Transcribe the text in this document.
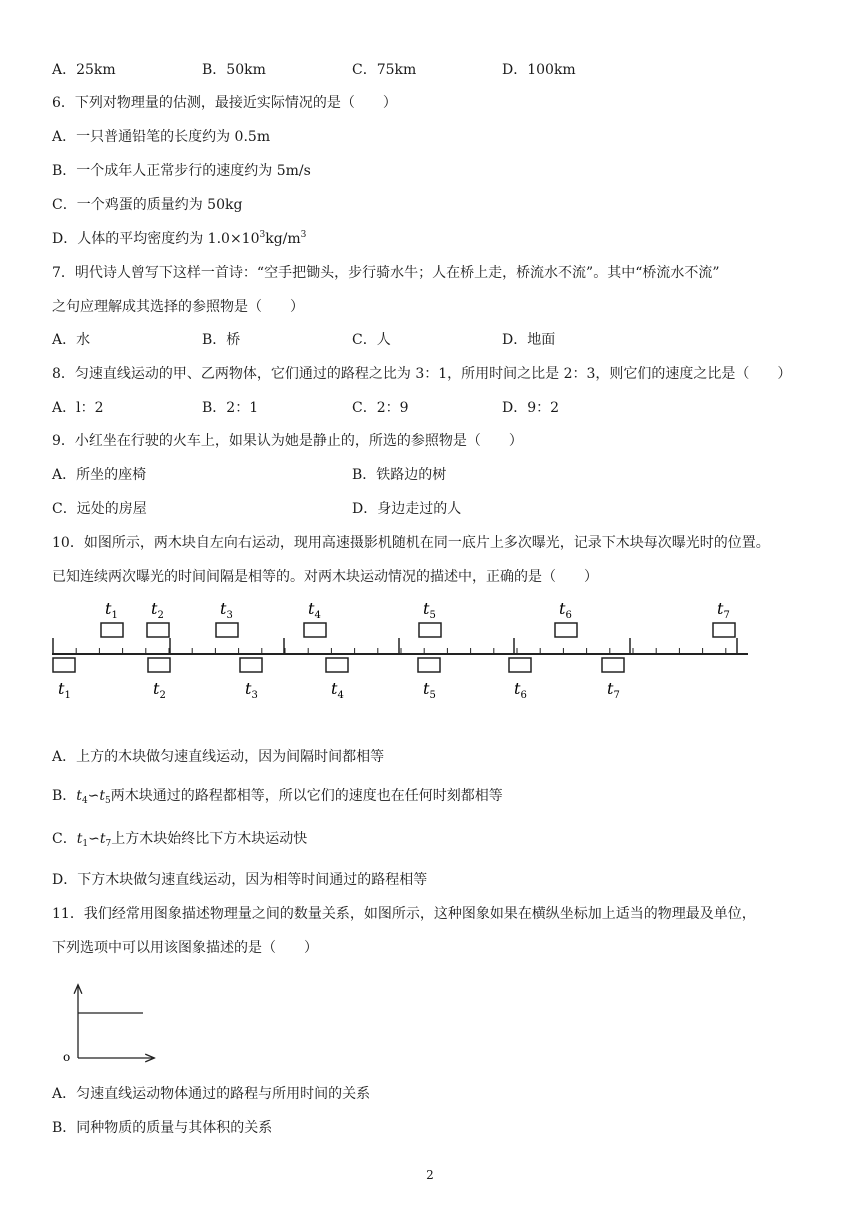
A．25km	B．50km	C．75km	D．100km
6．下列对物理量的估测，最接近实际情况的是（　　）
A．一只普通铅笔的长度约为 0.5m
B．一个成年人正常步行的速度约为 5m/s
C．一个鸡蛋的质量约为 50kg
D．人体的平均密度约为 $1.0\times 10^3kg/m^3$
7．明代诗人曾写下这样一首诗：“空手把锄头，步行骑水牛；人在桥上走，桥流水不流”。其中“桥流水不流”
之句应理解成其选择的参照物是（　　）
A．水	B．桥	C．人	D．地面
8．匀速直线运动的甲、乙两物体，它们通过的路程之比为 3：1，所用时间之比是 2：3，则它们的速度之比是（　　）
A．l：2	B．2：1	C．2：9	D．9：2
9．小红坐在行驶的火车上，如果认为她是静止的，所选的参照物是（　　）
A．所坐的座椅	B．铁路边的树
C．远处的房屋	D．身边走过的人
10．如图所示，两木块自左向右运动，现用高速摄影机随机在同一底片上多次曝光，记录下木块每次曝光时的位置。
已知连续两次曝光的时间间隔是相等的。对两木块运动情况的描述中，正确的是（　　）
$t_1$ $t_2$	$t_3$	$t_4$	$t_5$	$t_6$	$t_7$
$t_1$	$t_2$	$t_3$	$t_4$	$t_5$	$t_6$	$t_7$
A．上方的木块做匀速直线运动，因为间隔时间都相等
B．$t_4∽t_5$两木块通过的路程都相等，所以它们的速度也在任何时刻都相等
C．$t_1∽t_7$上方木块始终比下方木块运动快
D．下方木块做匀速直线运动，因为相等时间通过的路程相等
11．我们经常用图象描述物理量之间的数量关系，如图所示，这种图象如果在横纵坐标加上适当的物理最及单位，
下列选项中可以用该图象描述的是（　　）
o
A．匀速直线运动物体通过的路程与所用时间的关系
B．同种物质的质量与其体积的关系
2
